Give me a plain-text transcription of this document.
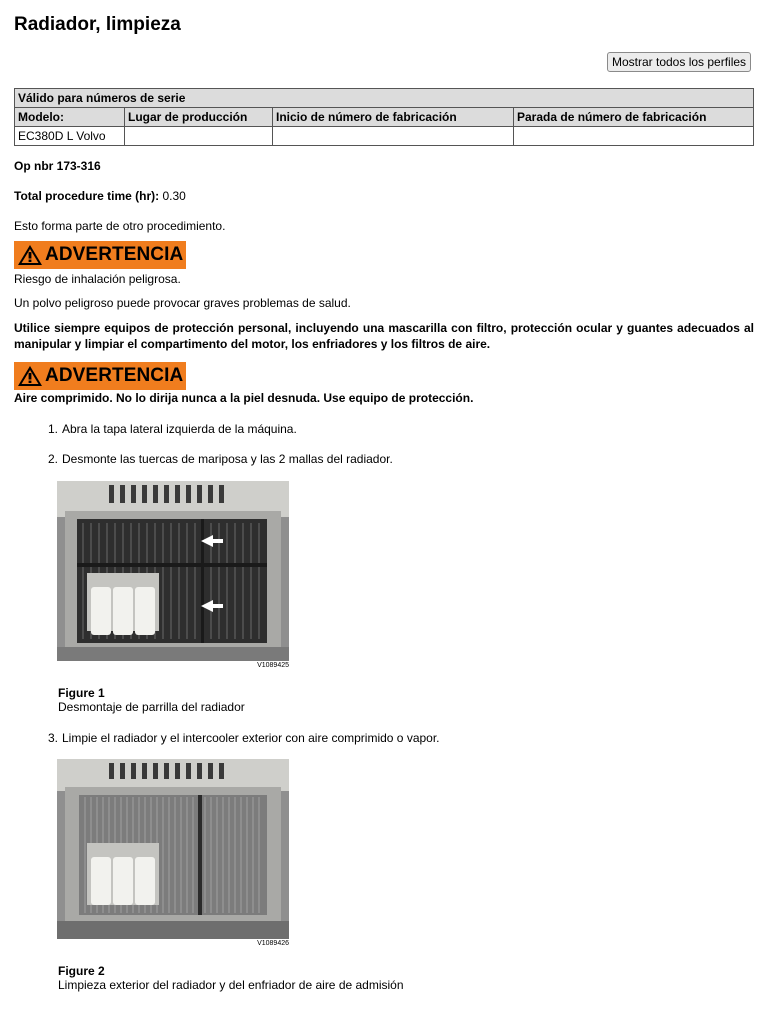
Radiador, limpieza
Mostrar todos los perfiles
Válido para números de serie			
Modelo:	Lugar de producción	Inicio de número de fabricación	Parada de número de fabricación
EC380D L Volvo			
Op nbr 173-316
Total procedure time (hr): 0.30
Esto forma parte de otro procedimiento.
ADVERTENCIA
Riesgo de inhalación peligrosa.
Un polvo peligroso puede provocar graves problemas de salud.
Utilice siempre equipos de protección personal, incluyendo una mascarilla con filtro, protección ocular y guantes adecuados al manipular y limpiar el compartimento del motor, los enfriadores y los filtros de aire.
ADVERTENCIA
Aire comprimido. No lo dirija nunca a la piel desnuda. Use equipo de protección.
1. Abra la tapa lateral izquierda de la máquina.
2. Desmonte las tuercas de mariposa y las 2 mallas del radiador.
V1089425
Figure 1
Desmontaje de parrilla del radiador
3. Limpie el radiador y el intercooler exterior con aire comprimido o vapor.
V1089426
Figure 2
Limpieza exterior del radiador y del enfriador de aire de admisión
